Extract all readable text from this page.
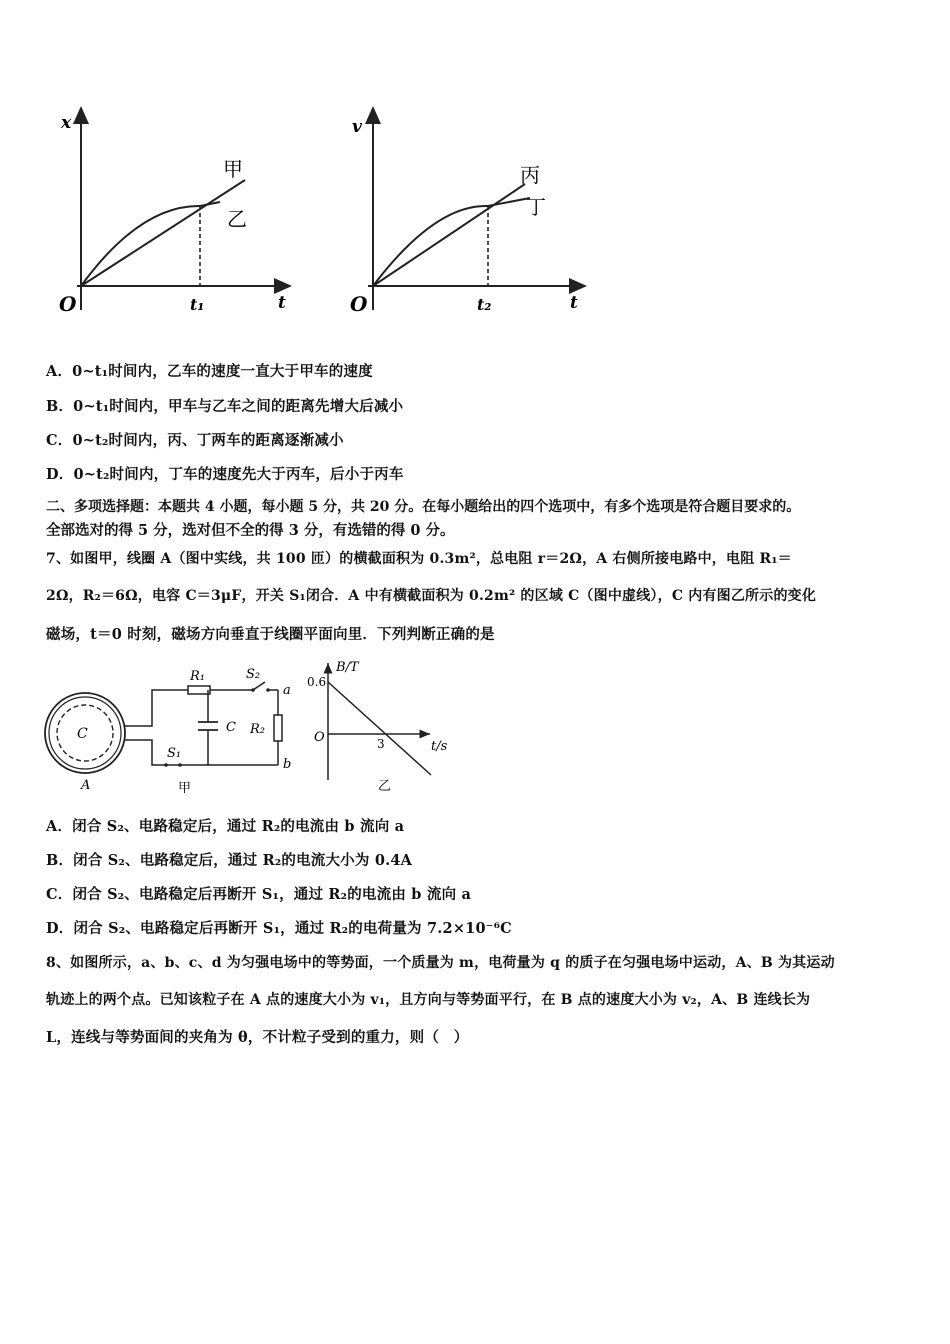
x
t
O	t₁
甲
乙
v
t
O	t₂
丙
丁
A．0~t₁时间内，乙车的速度一直大于甲车的速度
B．0~t₁时间内，甲车与乙车之间的距离先增大后减小
C．0~t₂时间内，丙、丁两车的距离逐渐减小
D．0~t₂时间内，丁车的速度先大于丙车，后小于丙车
二、多项选择题：本题共 4 小题，每小题 5 分，共 20 分。在每小题给出的四个选项中，有多个选项是符合题目要求的。
全部选对的得 5 分，选对但不全的得 3 分，有选错的得 0 分。
7、如图甲，线圈 A（图中实线，共 100 匝）的横截面积为 0.3m²，总电阻 r＝2Ω，A 右侧所接电路中，电阻 R₁＝
2Ω，R₂＝6Ω，电容 C＝3μF，开关 S₁闭合．A 中有横截面积为 0.2m² 的区域 C（图中虚线），C 内有图乙所示的变化
磁场，t＝0 时刻，磁场方向垂直于线圈平面向里．下列判断正确的是
C
A
R₁	S₂
a
R₂
b
C
S₁
甲
B/T
0.6
O	3	t/s
乙
A．闭合 S₂、电路稳定后，通过 R₂的电流由 b 流向 a
B．闭合 S₂、电路稳定后，通过 R₂的电流大小为 0.4A
C．闭合 S₂、电路稳定后再断开 S₁，通过 R₂的电流由 b 流向 a
D．闭合 S₂、电路稳定后再断开 S₁，通过 R₂的电荷量为 7.2×10⁻⁶C
8、如图所示，a、b、c、d 为匀强电场中的等势面，一个质量为 m，电荷量为 q 的质子在匀强电场中运动，A、B 为其运动
轨迹上的两个点。已知该粒子在 A 点的速度大小为 v₁，且方向与等势面平行，在 B 点的速度大小为 v₂，A、B 连线长为
L，连线与等势面间的夹角为 θ，不计粒子受到的重力，则（　）
